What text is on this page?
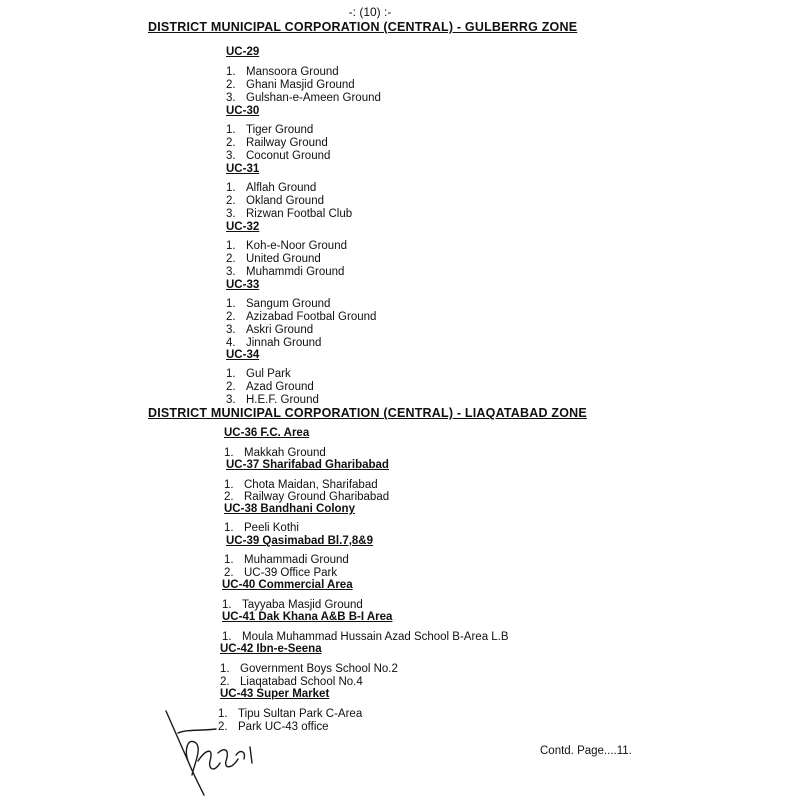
-: (10) :-
DISTRICT MUNICIPAL CORPORATION (CENTRAL) - GULBERRG ZONE
UC-29
1. Mansoora Ground
2. Ghani Masjid Ground
3. Gulshan-e-Ameen Ground
UC-30
1. Tiger Ground
2. Railway Ground
3. Coconut Ground
UC-31
1. Alflah Ground
2. Okland Ground
3. Rizwan Footbal Club
UC-32
1. Koh-e-Noor Ground
2. United Ground
3. Muhammdi Ground
UC-33
1. Sangum Ground
2. Azizabad Footbal Ground
3. Askri Ground
4. Jinnah Ground
UC-34
1. Gul Park
2. Azad Ground
3. H.E.F. Ground
DISTRICT MUNICIPAL CORPORATION (CENTRAL) - LIAQATABAD ZONE
UC-36 F.C. Area
1. Makkah Ground
UC-37 Sharifabad Gharibabad
1. Chota Maidan, Sharifabad
2. Railway Ground Gharibabad
UC-38 Bandhani Colony
1. Peeli Kothi
UC-39 Qasimabad Bl.7,8&9
1. Muhammadi Ground
2. UC-39 Office Park
UC-40 Commercial Area
1. Tayyaba Masjid Ground
UC-41 Dak Khana A&B B-I Area
1. Moula Muhammad Hussain Azad School B-Area L.B
UC-42 Ibn-e-Seena
1. Government Boys School No.2
2. Liaqatabad School No.4
UC-43 Super Market
1. Tipu Sultan Park C-Area
2. Park UC-43 office
Contd. Page....11.
